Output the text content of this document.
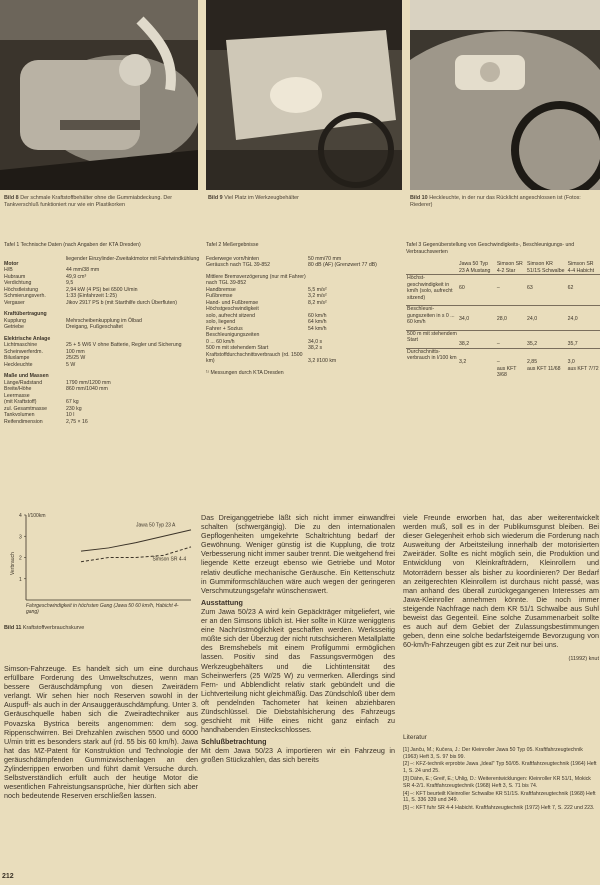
Bild 8 Der schmale Kraftstoffbehälter ohne die Gummiabdeckung. Der Tankverschluß funktioniert nur wie ein Plastikorken
Bild 9 Viel Platz im Werkzeugbehälter	Bild 10 Heckleuchte, in der nur das Rücklicht angeschlossen ist (Fotos: Riederer)
Tafel 1 Technische Daten (nach Angaben der KTA Dresden)
Motor
liegender Einzylinder-Zweitaktmotor mit Fahrtwindkühlung
H/B	44 mm/38 mm
Hubraum	49,9 cm³
Verdichtung	9,5
Höchstleistung	2,94 kW (4 PS) bei 6500 U/min
Schmierungsverh.	1:33 (Einfahrzeit 1:25)
Vergaser	Jikov 2917 PS b (mit Starthilfe durch Überfluten)
Kraftübertragung
Kupplung	Mehrscheibenkupplung im Ölbad
Getriebe	Dreigang, Fußgeschaltet
Elektrische Anlage
Lichtmaschine	25 + 5 W/6 V ohne Batterie, Regler und Sicherung
Scheinwerferdm.	100 mm
Biluxlampe	25/25 W
Heckleuchte	5 W
Maße und Massen
Länge/Radstand	1790 mm/1200 mm
Breite/Höhe	860 mm/1040 mm
Leermasse
(mit Kraftstoff)	67 kg
zul. Gesamtmasse	230 kg
Tankvolumen	10 l
Reifendimension	2,75 × 16
Tafel 2 Meßergebnisse
Federwege vorn/hinten	50 mm/70 mm
Geräusch nach TGL 39-852	80 dB (AF) (Grenzwert 77 dB)
Mittlere Bremsverzögerung (nur mit Fahrer) nach TGL 39-852
Handbremse	5,5 m/s²
Fußbremse	3,2 m/s²
Hand- und Fußbremse	8,2 m/s²
Höchstgeschwindigkeit
solo, aufrecht sitzend	60 km/h
solo, liegend	64 km/h
Fahrer + Sozius	54 km/h
Beschleunigungszeiten
0 ... 60 km/h	34,0 s
500 m mit stehendem Start	38,2 s
Kraftstoffdurchschnittsverbrauch (rd. 1500 km)	3,2 l/100 km
¹⁾ Messungen durch KTA Dresden
Tafel 3 Gegenüberstellung von Geschwindigkeits-, Beschleunigungs- und Verbrauchswerten
	Jawa 50 Typ 23 A Mustang	Simson SR 4-2 Star	Simson KR 51/1S Schwalbe	Simson SR 4-4 Habicht
Höchst-geschwindigkeit in km/h (solo, aufrecht sitzend)	60	–	63	62
Beschleuni-gungszeiten in s 0 ... 60 km/h	34,0	28,0	24,0	24,0
500 m mit stehendem Start	38,2	–	35,2	35,7
Durchschnitts-verbrauch in l/100 km	3,2	–	2,85	3,0
		aus KFT 3/68	aus KFT 11/68	aus KFT 7/72
l/100km
4
3
2
1
Verbrauch
Jawa 50 Typ 23 A
Simson SR 4-4
Fahrgeschwindigkeit in höchsten Gang (Jawa 50 60 km/h, Habicht 4-gang)
Bild 11 Kraftstoffverbrauchskurve

Simson-Fahrzeuge. Es handelt sich um eine durchaus erfüllbare Forderung des Umweltschutzes, wenn man bessere Geräuschdämpfung von diesen Zweirädern verlangt. Wir sehen hier noch Reserven sowohl in der Auspuff- als auch in der Ansauggeräuschdämpfung. Unter 3. Geräuschquelle haben sich die Zweiradtechniker aus Povazska Bystrica bereits angenommen: dem sog. Rippenschwirren. Bei Drehzahlen zwischen 5500 und 6000 U/min tritt es besonders stark auf (rd. 55 bis 60 km/h). Jawa hat das MZ-Patent für Konstruktion und Technologie der geräuschdämpfenden Gummizwischenlagen an den Zylinderrippen erworben und führt damit Versuche durch. Selbstverständlich erfüllt auch der heutige Motor die wesentlichen Fahreistungsansprüche, hier dürften sich aber noch bedeutende Reserven erschließen lassen.

Das Dreiganggetriebe läßt sich nicht immer einwandfrei schalten (schwergängig). Die zu den internationalen Gepflogenheiten umgekehrte Schaltrichtung bedarf der Gewöhnung. Weniger günstig ist die Kupplung, die trotz Verbesserung nicht immer sauber trennt. Die weitgehend frei liegende Kette erzeugt ebenso wie Getriebe und Motor relativ deutliche mechanische Geräusche. Ein Kettenschutz in Gummiformschläuchen wäre auch wegen der geringeren Verschmutzungsgefahr wünschenswert.

Ausstattung

Zum Jawa 50/23 A wird kein Gepäckträger mitgeliefert, wie er an den Simsons üblich ist. Hier sollte in Kürze weniggtens eine Nachrüstmöglichkeit geschaffen werden. Werksseitig müßte sich der Überzug der nicht rutschsicheren Metallplatte des Bremshebels mit einem Profilgummi ermöglichen lassen. Positiv sind das Fassungsvermögen des Werkzeugbehälters und die Lichtintensität des Scheinwerfers (25 W/25 W) zu vermerken. Allerdings sind Fern- und Abblendlicht relativ stark gebündelt und die Lichtverteilung nicht gleichmäßig. Das Zündschloß über dem oft pendelnden Tachometer hat keinen abziehbaren Zündschlüssel. Die Diebstahlsicherung des Fahrzeugs geschieht mit Hilfe eines nicht ganz einfach zu handhabenden Einsteckschlosses.

Schlußbetrachtung

Mit dem Jawa 50/23 A importieren wir ein Fahrzeug in großen Stückzahlen, das sich bereits

viele Freunde erworben hat, das aber weiterentwickelt werden muß, soll es in der Publikumsgunst bleiben. Bei dieser Gelegenheit erhob sich wiederum die Forderung nach Ausweitung der Arbeitsteilung innerhalb der motorisierten Zweiräder. Sollte es nicht möglich sein, die Produktion und Entwicklung von Kleinkrafträdern, Kleinrollern und Motorrädern besser als bisher zu koordinieren? Der Bedarf an zeitgerechten Kleinrollern ist durchaus nicht passé, was man anhand des überall zurückgegangenen Interesses am Jawa-Kleinroller annehmen könnte. Die noch immer steigende Nachfrage nach dem KR 51/1 Schwalbe aus Suhl beweist das Gegenteil. Eine solche Zusammenarbeit sollte es auch auf dem Gebiet der Zulassungsbestimmungen geben, denn eine solche bedarfsteigernde Bevorzugung von 60-km/h-Fahrzeugen gibt es zur Zeit nur bei uns.

(11992) knut

Literatur
[1] Janču, M.; Kučera, J.: Der Kleinroller Jawa 50 Typ 05. Kraftfahrzeugtechnik (1963) Heft 3, S. 97 bis 99.
[2] –: KFZ-technik erprobte Jawa „Ideal" Typ 50/05. Kraftfahrzeugtechnik (1964) Heft 1, S. 24 und 25.
[3] Dähn, E.; Greif, E.; Uhlig, D.: Weiterentwicklungen: Kleinroller KR 51/1, Mokick SR 4-2/1. Kraftfahrzeugtechnik (1968) Heft 3, S. 71 bis 74.
[4] –: KFT beurteilt Kleinroller Schwalbe KR 51/1S. Kraftfahrzeugtechnik (1968) Heft 11, S. 336 339 und 349.
[5] –: KFT fuhr SR 4-4 Habicht. Kraftfahrzeugtechnik (1972) Heft 7, S. 222 und 223.
212
